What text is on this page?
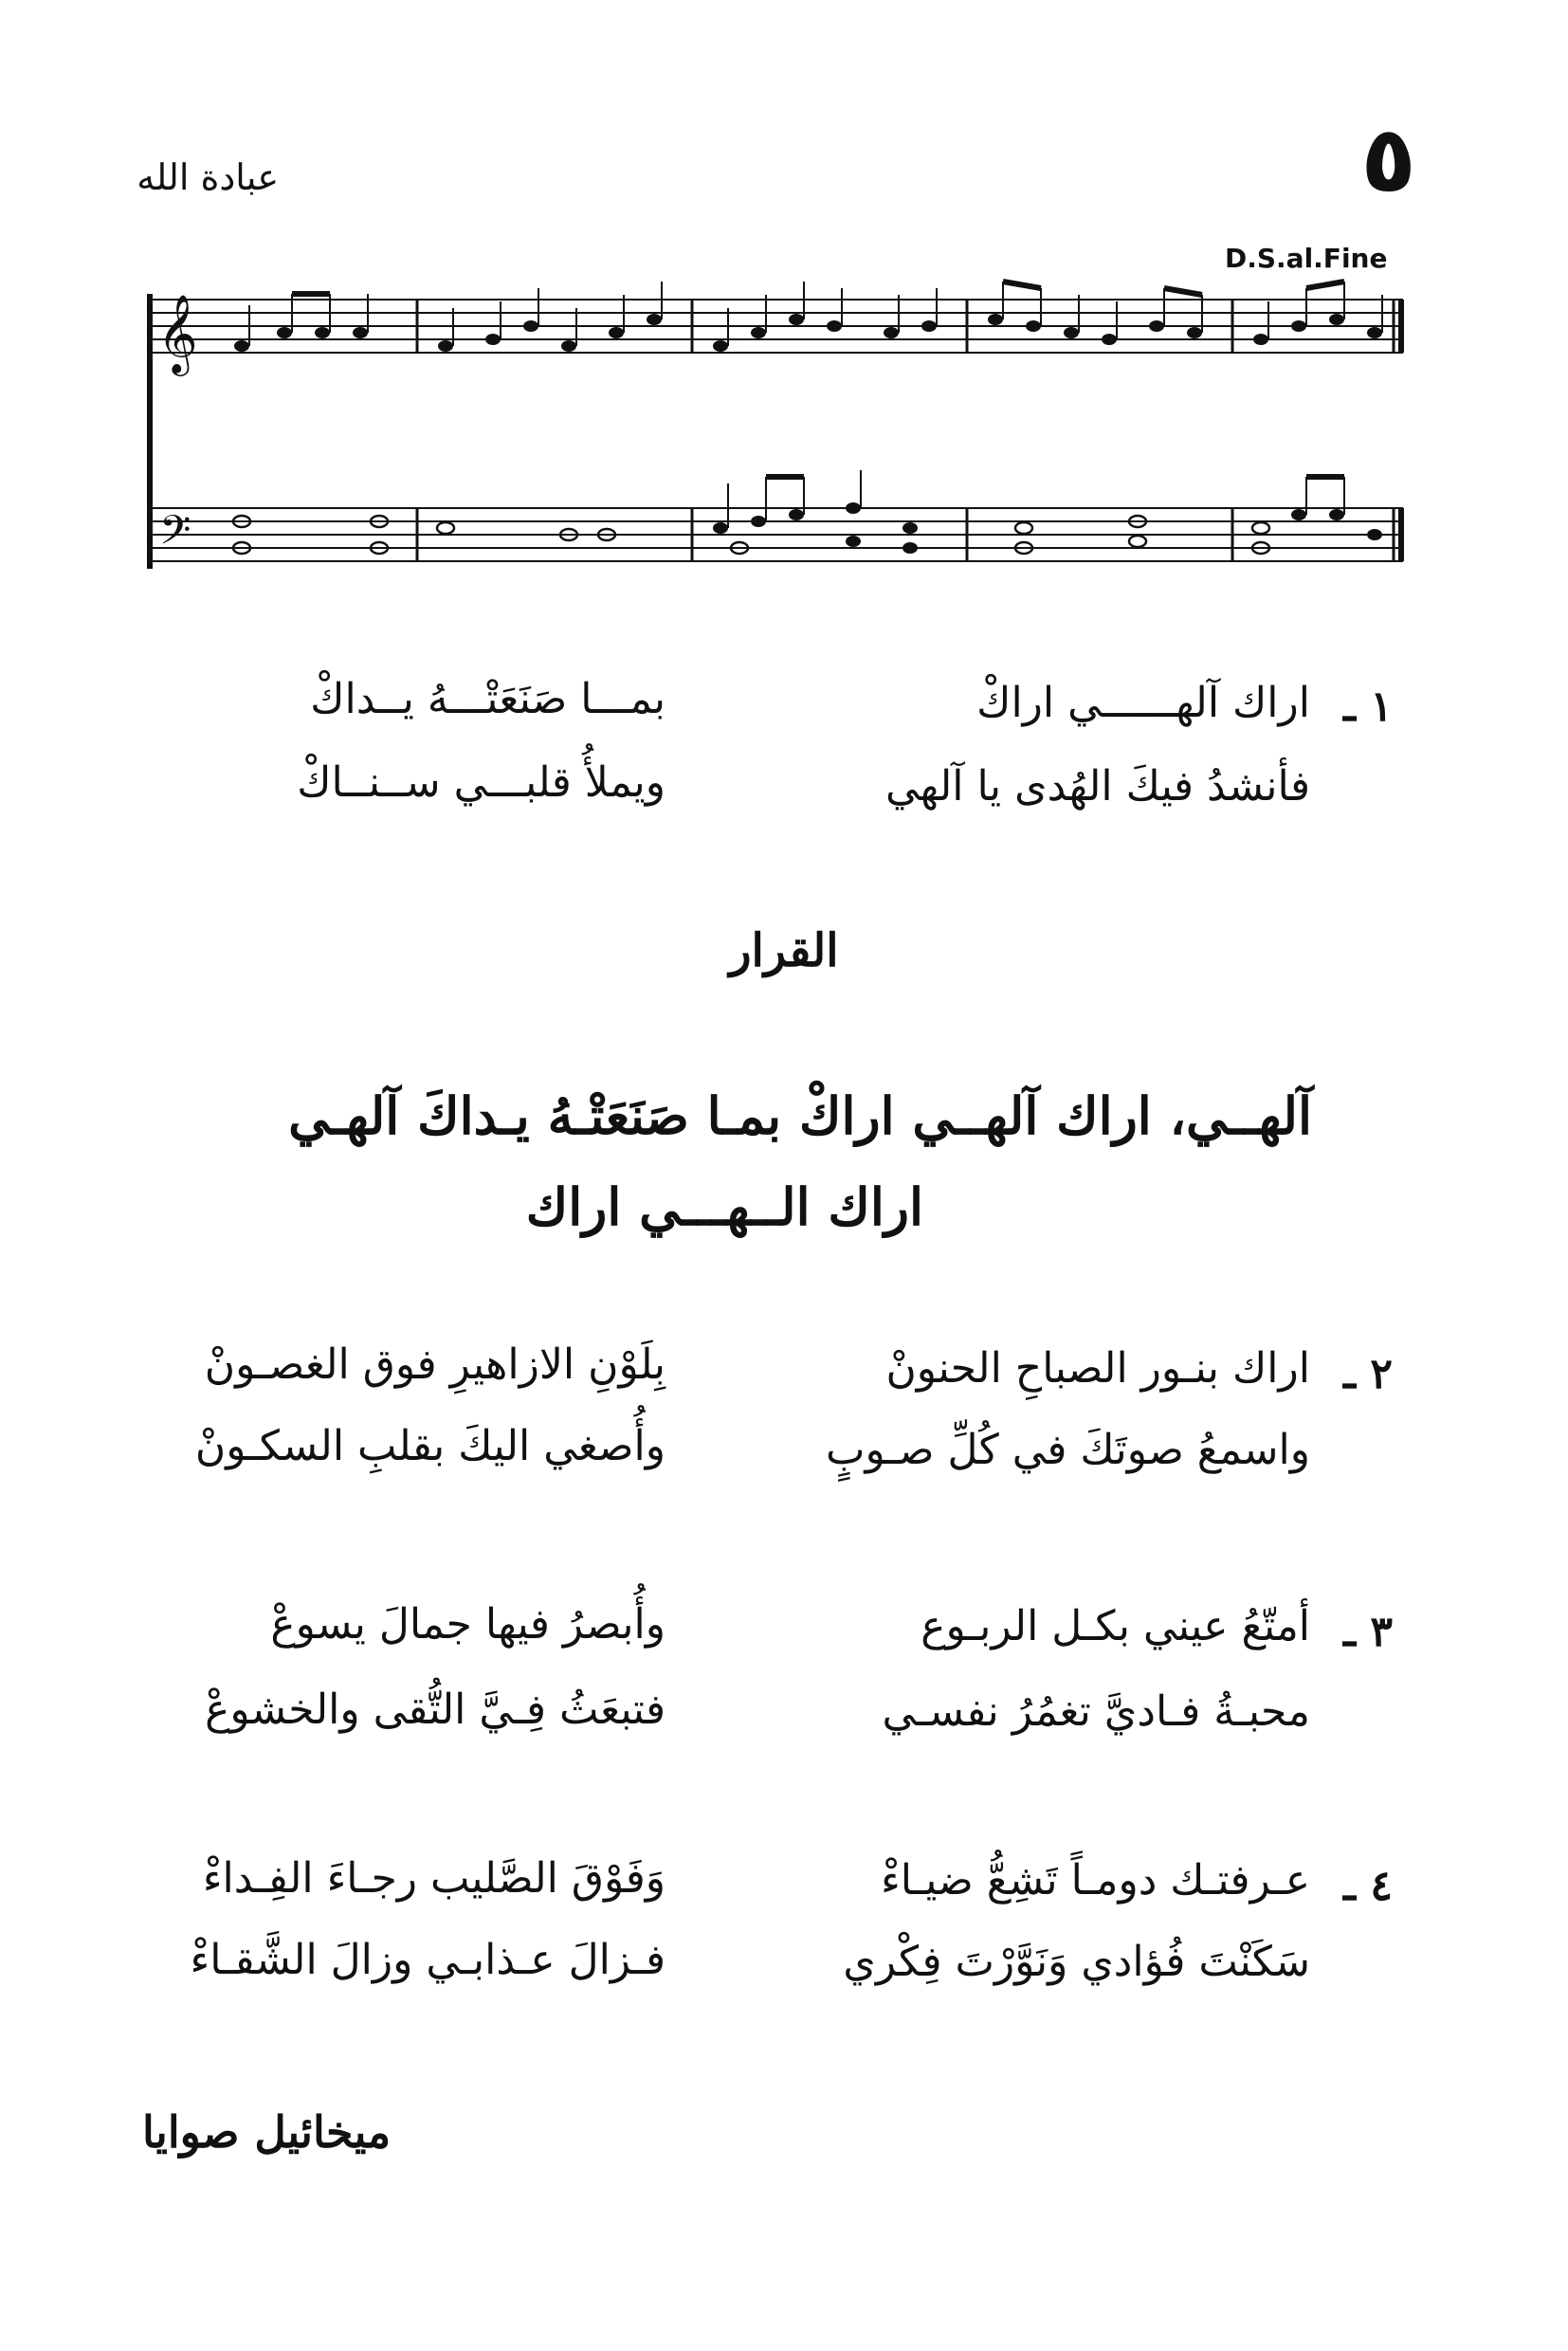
٥
عبادة الله
D.S.al.Fine
𝄞
𝄢
١ ـ
اراك آلهــــــي اراكْ
فأنشدُ فيكَ الهُدى يا آلهي
بمـــا صَنَعَتْـــهُ يــداكْ
ويملأُ قلبـــي ســنــاكْ
القرار
آلهــي، اراك آلهــي اراكْ بمـا صَنَعَتْـهُ يـداكَ آلهـي
اراك الــهـــي اراك
٢ ـ
اراك بنـور الصباحِ الحنونْ
واسمعُ صوتَكَ في كُلِّ صـوبٍ
بِلَوْنِ الازاهيرِ فوق الغصـونْ
وأُصغي اليكَ بقلبِ السكـونْ
٣ ـ
أمتّعُ عيني بكـل الربـوع
محبـةُ فـاديَّ تغمُرُ نفسـي
وأُبصرُ فيها جمالَ يسوعْ
فتبعَثُ فِـيَّ التُّقى والخشوعْ
٤ ـ
عـرفتـك دومـاً تَشِعُّ ضيـاءْ
سَكَنْتَ فُؤادي وَنَوَّرْتَ فِكْري
وَفَوْقَ الصَّليب رجـاءَ الفِـداءْ
فـزالَ عـذابـي وزالَ الشَّقـاءْ
ميخائيل صوايا
